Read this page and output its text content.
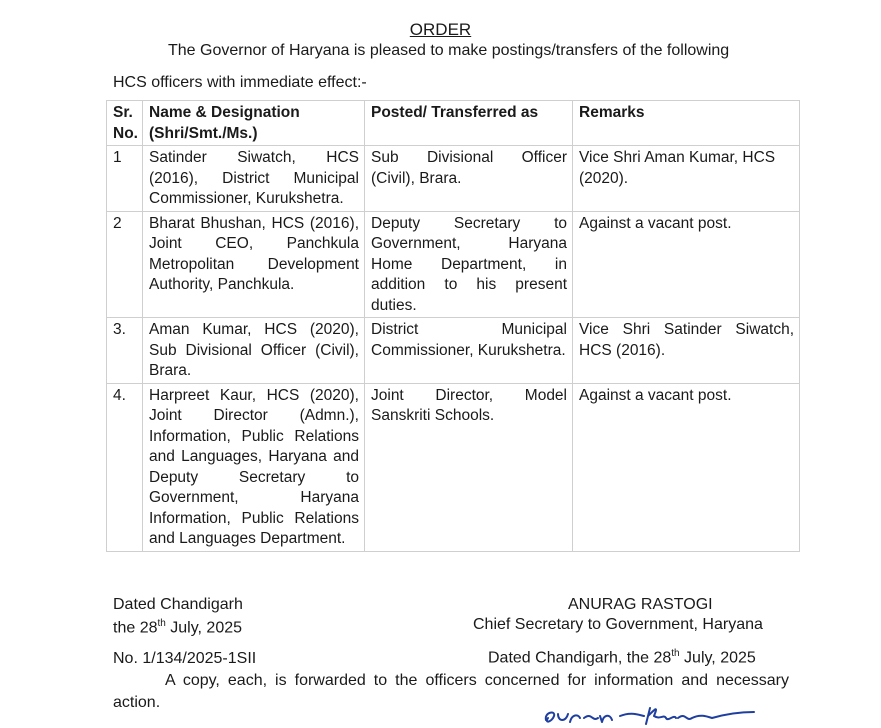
ORDER
The Governor of Haryana is pleased to make postings/transfers of the following
HCS officers with immediate effect:-
Sr. No.	Name & Designation (Shri/Smt./Ms.)	Posted/ Transferred as	Remarks
1	Satinder Siwatch, HCS (2016), District Municipal Commissioner, Kurukshetra.	Sub Divisional Officer (Civil), Brara.	Vice Shri Aman Kumar, HCS (2020).
2	Bharat Bhushan, HCS (2016), Joint CEO, Panchkula Metropolitan Development Authority, Panchkula.	Deputy Secretary to Government, Haryana Home Department, in addition to his present duties.	Against a vacant post.
3.	Aman Kumar, HCS (2020), Sub Divisional Officer (Civil), Brara.	District Municipal Commissioner, Kurukshetra.	Vice Shri Satinder Siwatch, HCS (2016).
4.	Harpreet Kaur, HCS (2020), Joint Director (Admn.), Information, Public Relations and Languages, Haryana and Deputy Secretary to Government, Haryana Information, Public Relations and Languages Department.	Joint Director, Model Sanskriti Schools.	Against a vacant post.
Dated Chandigarh
the 28th July, 2025
ANURAG RASTOGI
Chief Secretary to Government, Haryana
No. 1/134/2025-1SII	Dated Chandigarh, the 28th July, 2025
A copy, each, is forwarded to the officers concerned for information and necessary action.
